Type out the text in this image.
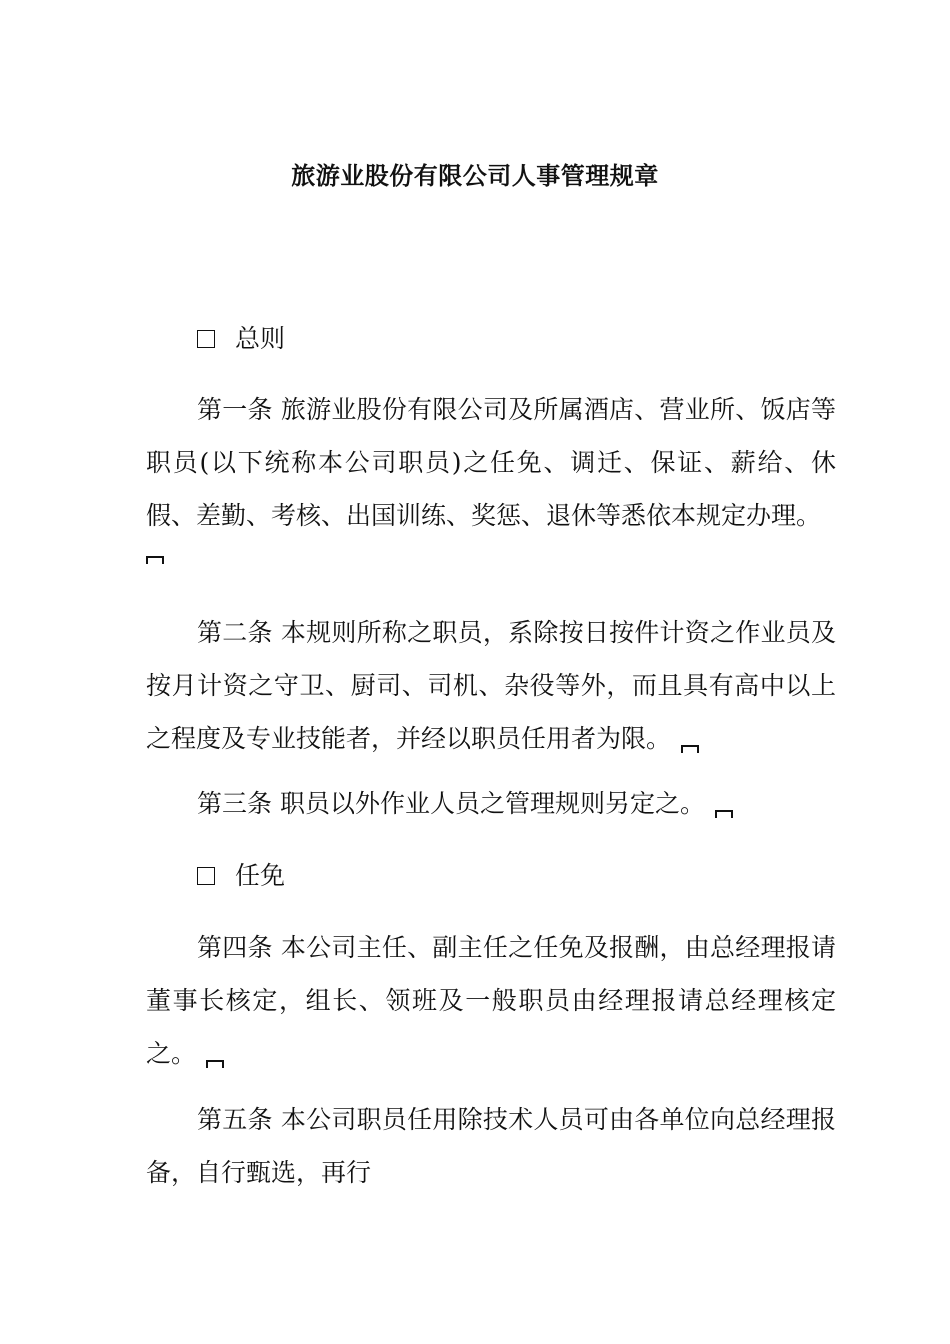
旅游业股份有限公司人事管理规章
总则
第一条 旅游业股份有限公司及所属酒店、营业所、饭店等职员(以下统称本公司职员)之任免、调迁、保证、薪给、休假、差勤、考核、出国训练、奖惩、退休等悉依本规定办理。
第二条 本规则所称之职员，系除按日按件计资之作业员及按月计资之守卫、厨司、司机、杂役等外，而且具有高中以上之程度及专业技能者，并经以职员任用者为限。
第三条 职员以外作业人员之管理规则另定之。
任免
第四条 本公司主任、副主任之任免及报酬，由总经理报请董事长核定，组长、领班及一般职员由经理报请总经理核定之。
第五条 本公司职员任用除技术人员可由各单位向总经理报备，自行甄选，再行
